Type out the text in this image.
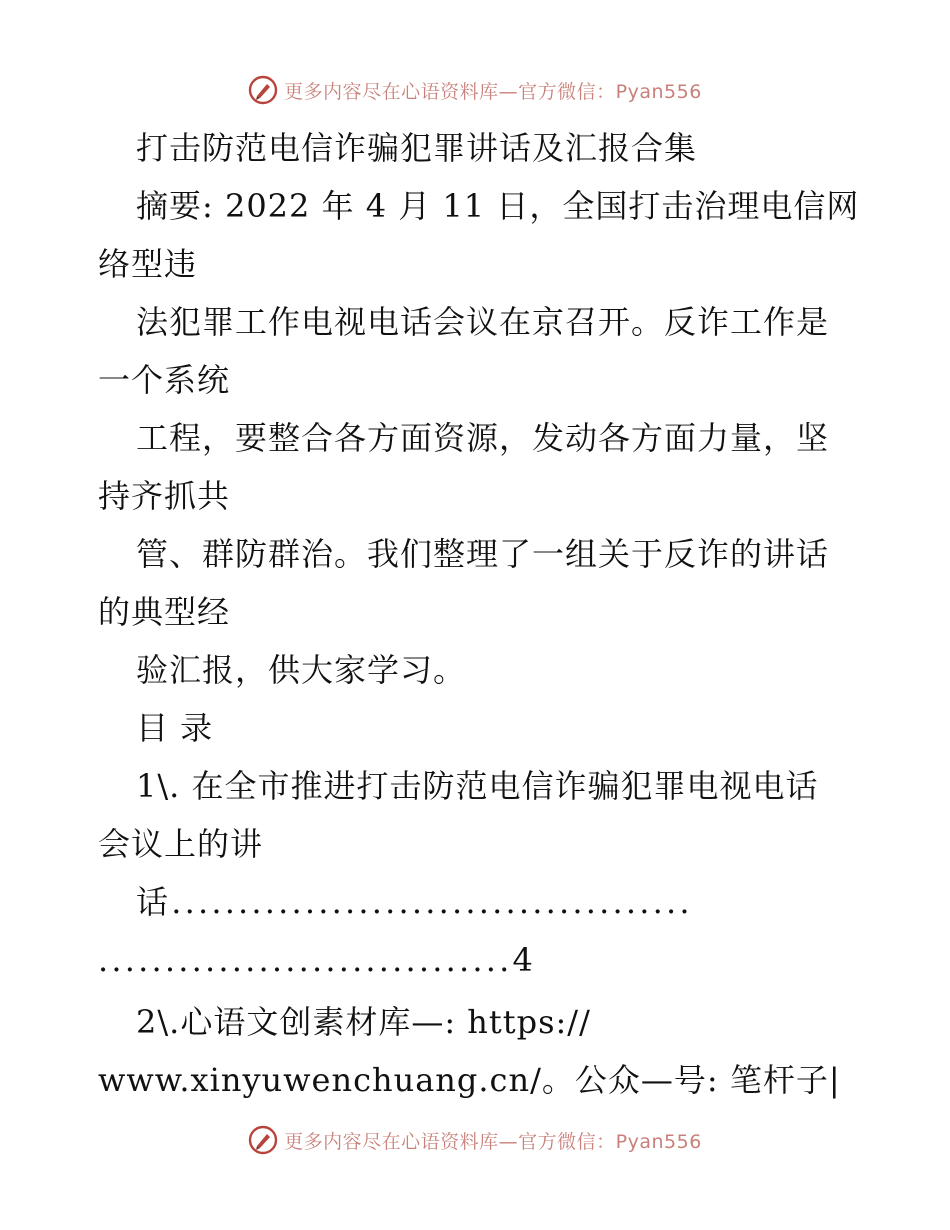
更多内容尽在心语资料库—官方微信：Pyan556
打击防范电信诈骗犯罪讲话及汇报合集
摘要: 2022 年 4 月 11 日，全国打击治理电信网
络型违
法犯罪工作电视电话会议在京召开。反诈工作是
一个系统
工程，要整合各方面资源，发动各方面力量，坚
持齐抓共
管、群防群治。我们整理了一组关于反诈的讲话
的典型经
验汇报，供大家学习。
目 录
1\. 在全市推进打击防范电信诈骗犯罪电视电话
会议上的讲
话.......................................
...............................4
2\.心语文创素材库—: https://
www.xinyuwenchuang.cn/。公众—号: 笔杆子|
更多内容尽在心语资料库—官方微信：Pyan556
